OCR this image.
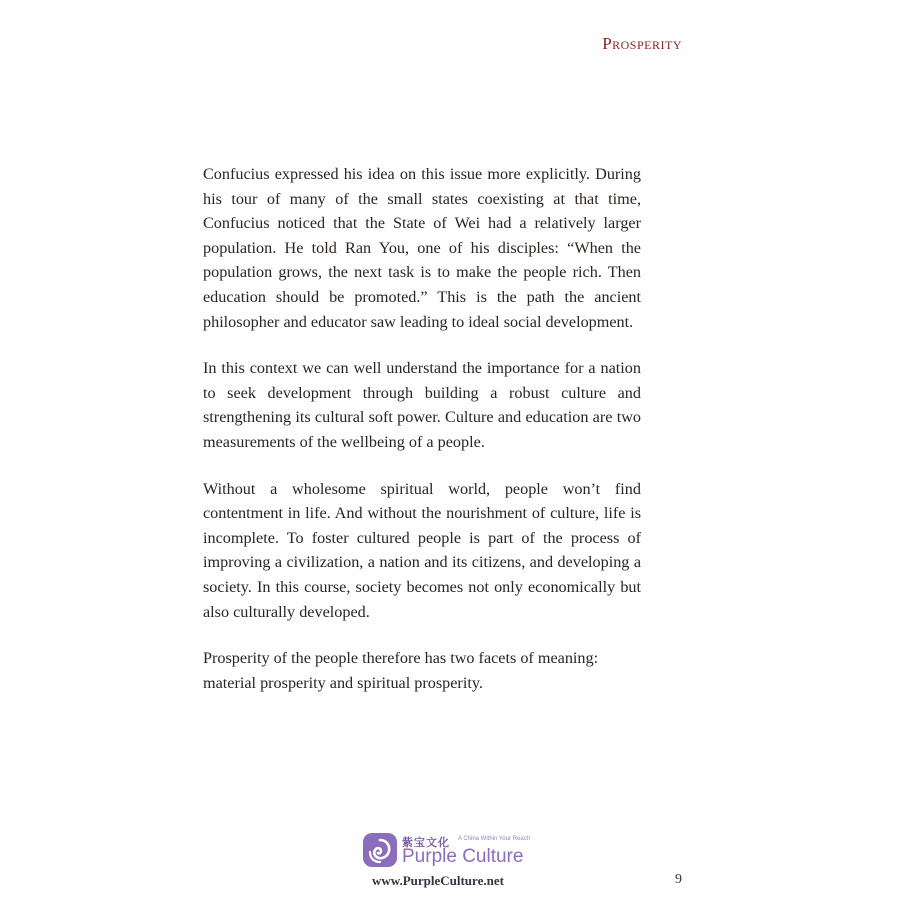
Prosperity

Confucius expressed his idea on this issue more explicitly. During his tour of many of the small states coexisting at that time, Confucius noticed that the State of Wei had a relatively larger population. He told Ran You, one of his disciples: “When the population grows, the next task is to make the people rich. Then education should be promoted.” This is the path the ancient philosopher and educator saw leading to ideal social development.

In this context we can well understand the importance for a nation to seek development through building a robust culture and strengthening its cultural soft power. Culture and education are two measurements of the wellbeing of a people.

Without a wholesome spiritual world, people won’t find contentment in life. And without the nourishment of culture, life is incomplete. To foster cultured people is part of the process of improving a civilization, a nation and its citizens, and developing a society. In this course, society becomes not only economically but also culturally developed.

Prosperity of the people therefore has two facets of meaning: material prosperity and spiritual prosperity.

紫宝文化 A China Within Your Reach
Purple Culture
www.PurpleCulture.net	9
